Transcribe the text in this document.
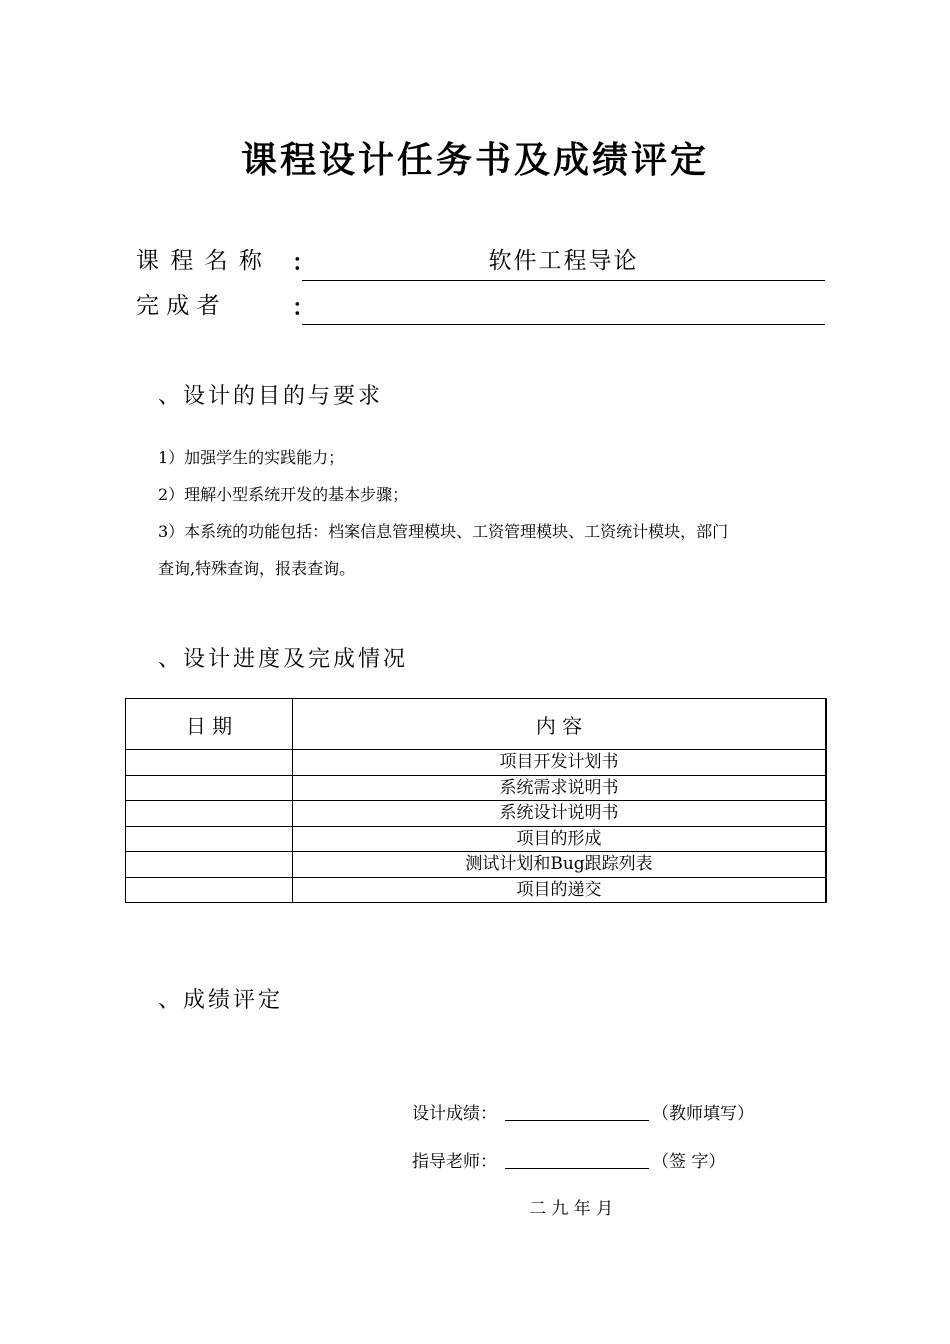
课程设计任务书及成绩评定
课 程 名 称 ：	软件工程导论
完 成 者	：
、设计的目的与要求
1）加强学生的实践能力；
2）理解小型系统开发的基本步骤；
3）本系统的功能包括：档案信息管理模块、工资管理模块、工资统计模块，部门
查询,特殊查询，报表查询。
、设计进度及完成情况
日 期	内 容
	项目开发计划书
	系统需求说明书
	系统设计说明书
	项目的形成
	测试计划和Bug跟踪列表
	项目的递交
、成绩评定
设计成绩：	（教师填写）
指导老师：	（签 字）
二 九 年 月
